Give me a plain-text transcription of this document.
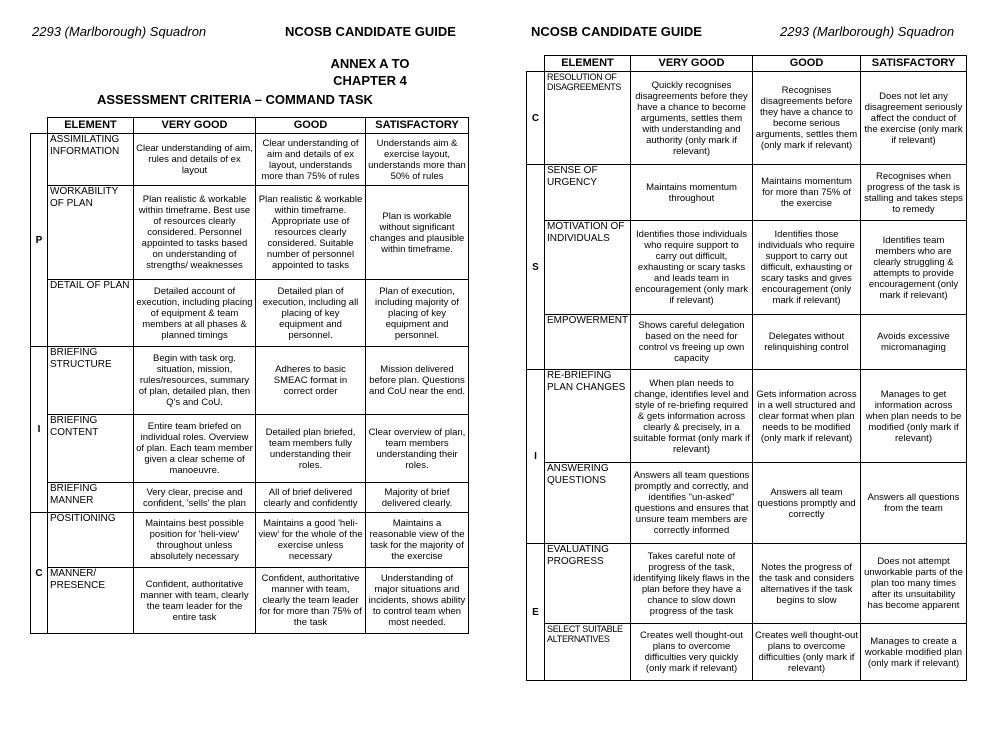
2293 (Marlborough) Squadron	NCOSB CANDIDATE GUIDE
ANNEX A TO
CHAPTER 4
ASSESSMENT CRITERIA – COMMAND TASK
	ELEMENT	VERY GOOD	GOOD	SATISFACTORY
P	ASSIMILATING INFORMATION	Clear understanding of aim, rules and details of ex layout	Clear understanding of aim and details of ex layout, understands more than 75% of rules	Understands aim & exercise layout, understands more than 50% of rules
	WORKABILITY OF PLAN	Plan realistic & workable within timeframe. Best use of resources clearly considered. Personnel appointed to tasks based on understanding of strengths/ weaknesses	Plan realistic & workable within timeframe. Appropriate use of resources clearly considered. Suitable number of personnel appointed to tasks	Plan is workable without significant changes and plausible within timeframe.
	DETAIL OF PLAN	Detailed account of execution, including placing of equipment & team members at all phases & planned timings	Detailed plan of execution, including all placing of key equipment and personnel.	Plan of execution, including majority of placing of key equipment and personnel.
I	BRIEFING STRUCTURE	Begin with task org. situation, mission, rules/resources, summary of plan, detailed plan, then Q's and CoU.	Adheres to basic SMEAC format in correct order	Mission delivered before plan. Questions and CoU near the end.
	BRIEFING CONTENT	Entire team briefed on individual roles. Overview of plan. Each team member given a clear scheme of manoeuvre.	Detailed plan briefed, team members fully understanding their roles.	Clear overview of plan, team members understanding their roles.
	BRIEFING MANNER	Very clear, precise and confident, 'sells' the plan	All of brief delivered clearly and confidently	Majority of brief delivered clearly.
C	POSITIONING	Maintains best possible position for 'heli-view' throughout unless absolutely necessary	Maintains a good 'heli-view' for the whole of the exercise unless necessary	Maintains a reasonable view of the task for the majority of the exercise
	MANNER/ PRESENCE	Confident, authoritative manner with team, clearly the team leader for the entire task	Confident, authoritative manner with team, clearly the team leader for for more than 75% of the task	Understanding of major situations and incidents, shows ability to control team when most needed.
NCOSB CANDIDATE GUIDE	2293 (Marlborough) Squadron
	ELEMENT	VERY GOOD	GOOD	SATISFACTORY
C	RESOLUTION OF DISAGREEMENTS	Quickly recognises disagreements before they have a chance to become arguments, settles them with understanding and authority (only mark if relevant)	Recognises disagreements before they have a chance to become serious arguments, settles them (only mark if relevant)	Does not let any disagreement seriously affect the conduct of the exercise (only mark if relevant)
S	SENSE OF URGENCY	Maintains momentum throughout	Maintains momentum for more than 75% of the exercise	Recognises when progress of the task is stalling and takes steps to remedy
	MOTIVATION OF INDIVIDUALS	Identifies those individuals who require support to carry out difficult, exhausting or scary tasks and leads team in encouragement (only mark if relevant)	Identifies those individuals who require support to carry out difficult, exhausting or scary tasks and gives encouragement (only mark if relevant)	Identifies team members who are clearly struggling & attempts to provide encouragement (only mark if relevant)
	EMPOWERMENT	Shows careful delegation based on the need for control vs freeing up own capacity	Delegates without relinquishing control	Avoids excessive micromanaging
I	RE-BRIEFING PLAN CHANGES	When plan needs to change, identifies level and style of re-briefing required & gets information across clearly & precisely, in a suitable format (only mark if relevant)	Gets information across in a well structured and clear format when plan needs to be modified (only mark if relevant)	Manages to get information across when plan needs to be modified (only mark if relevant)
	ANSWERING QUESTIONS	Answers all team questions promptly and correctly, and identifies "un-asked" questions and ensures that unsure team members are correctly informed	Answers all team questions promptly and correctly	Answers all questions from the team
E	EVALUATING PROGRESS	Takes careful note of progress of the task, identifying likely flaws in the plan before they have a chance to slow down progress of the task	Notes the progress of the task and considers alternatives if the task begins to slow	Does not attempt unworkable parts of the plan too many times after its unsuitability has become apparent
	SELECT SUITABLE ALTERNATIVES	Creates well thought-out plans to overcome difficulties very quickly (only mark if relevant)	Creates well thought-out plans to overcome difficulties (only mark if relevant)	Manages to create a workable modified plan (only mark if relevant)
